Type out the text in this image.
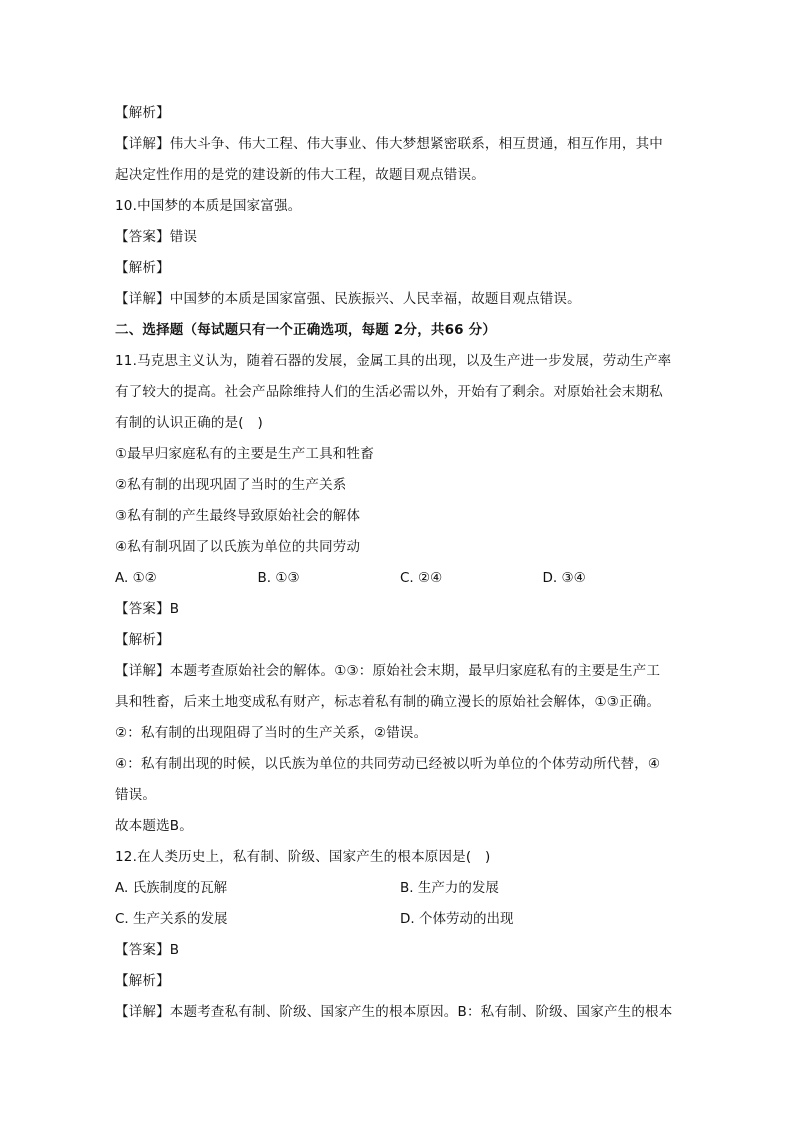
【解析】
【详解】伟大斗争、伟大工程、伟大事业、伟大梦想紧密联系，相互贯通，相互作用，其中
起决定性作用的是党的建设新的伟大工程，故题目观点错误。
10.中国梦的本质是国家富强。
【答案】错误
【解析】
【详解】中国梦的本质是国家富强、民族振兴、人民幸福，故题目观点错误。
二、选择题（每试题只有一个正确选项，每题 2分，共66 分）
11.马克思主义认为，随着石器的发展，金属工具的出现，以及生产进一步发展，劳动生产率
有了较大的提高。社会产品除维持人们的生活必需以外，开始有了剩余。对原始社会末期私
有制的认识正确的是(　)
①最早归家庭私有的主要是生产工具和牲畜
②私有制的出现巩固了当时的生产关系
③私有制的产生最终导致原始社会的解体
④私有制巩固了以氏族为单位的共同劳动
A. ①②	B. ①③	C. ②④	D. ③④
【答案】B
【解析】
【详解】本题考查原始社会的解体。①③：原始社会末期，最早归家庭私有的主要是生产工
具和牲畜，后来土地变成私有财产，标志着私有制的确立漫长的原始社会解体，①③正确。
②：私有制的出现阻碍了当时的生产关系，②错误。
④：私有制出现的时候，以氏族为单位的共同劳动已经被以听为单位的个体劳动所代替，④
错误。
故本题选B。
12.在人类历史上，私有制、阶级、国家产生的根本原因是(　)
A. 氏族制度的瓦解	B. 生产力的发展
C. 生产关系的发展	D. 个体劳动的出现
【答案】B
【解析】
【详解】本题考查私有制、阶级、国家产生的根本原因。B：私有制、阶级、国家产生的根本
